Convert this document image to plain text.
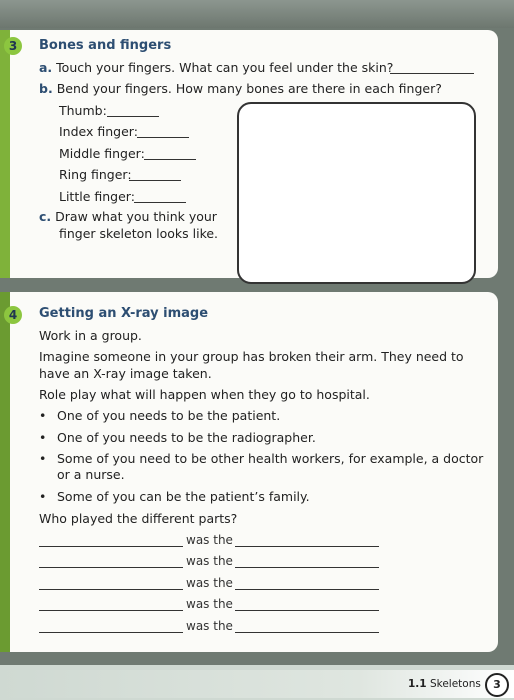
3	Bones and fingers
a. Touch your fingers. What can you feel under the skin?
b. Bend your fingers. How many bones are there in each finger?
Thumb:
Index finger:
Middle finger:
Ring finger:
Little finger:
c. Draw what you think your
finger skeleton looks like.
4	Getting an X-ray image
Work in a group.
Imagine someone in your group has broken their arm. They need to
have an X-ray image taken.
Role play what will happen when they go to hospital.
• One of you needs to be the patient.
• One of you needs to be the radiographer.
• Some of you need to be other health workers, for example, a doctor
or a nurse.
• Some of you can be the patient’s family.
Who played the different parts?
was the
was the
was the
was the
was the
1.1 Skeletons	3
